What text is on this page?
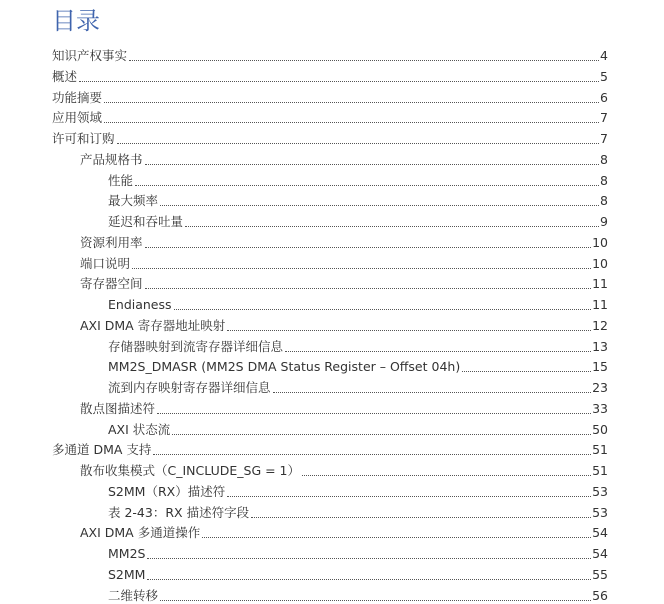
目录
知识产权事实	4
概述	5
功能摘要	6
应用领域	7
许可和订购	7
产品规格书	8
性能	8
最大频率	8
延迟和吞吐量	9
资源利用率	10
端口说明	10
寄存器空间	11
Endianess	11
AXI DMA 寄存器地址映射	12
存储器映射到流寄存器详细信息	13
MM2S_DMASR (MM2S DMA Status Register – Offset 04h)	15
流到内存映射寄存器详细信息	23
散点图描述符	33
AXI 状态流	50
多通道 DMA 支持	51
散布收集模式（C_INCLUDE_SG = 1）	51
S2MM（RX）描述符	53
表 2-43：RX 描述符字段	53
AXI DMA 多通道操作	54
MM2S	54
S2MM	55
二维转移	56
